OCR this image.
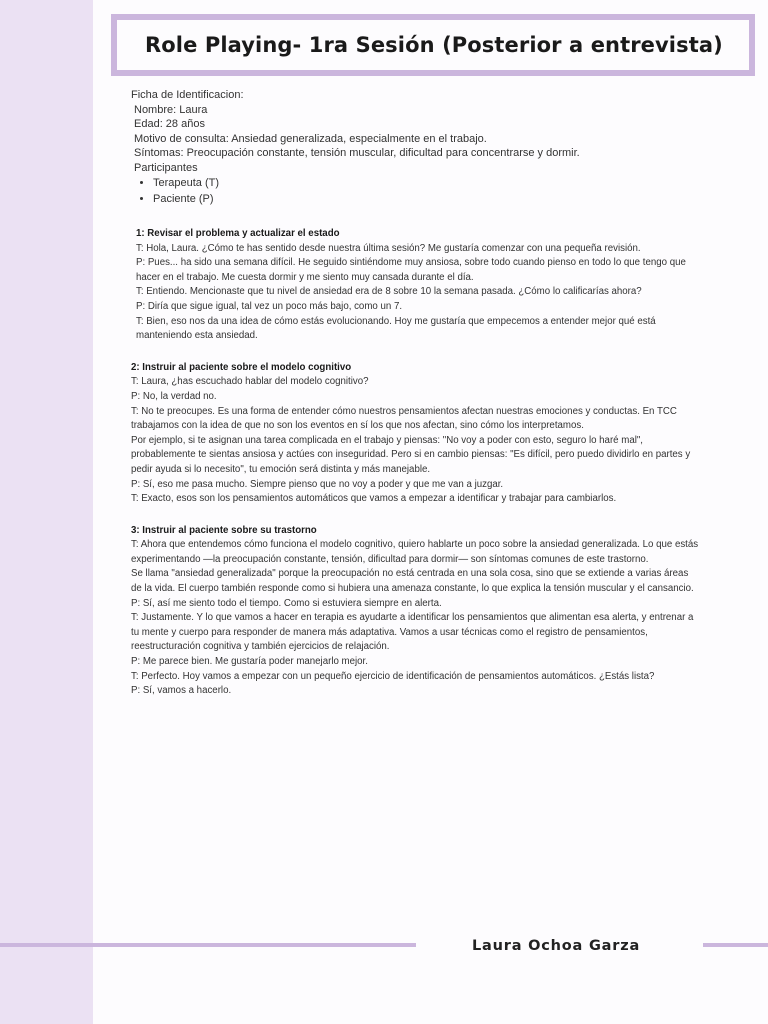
Role Playing- 1ra Sesión (Posterior a entrevista)

Ficha de Identificacion:

Nombre: Laura

Edad: 28 años

Motivo de consulta: Ansiedad generalizada, especialmente en el trabajo.

Síntomas: Preocupación constante, tensión muscular, dificultad para concentrarse y dormir.

Participantes

• Terapeuta (T)
• Paciente (P)

1: Revisar el problema y actualizar el estado

T: Hola, Laura. ¿Cómo te has sentido desde nuestra última sesión? Me gustaría comenzar con una pequeña revisión.

P: Pues... ha sido una semana difícil. He seguido sintiéndome muy ansiosa, sobre todo cuando pienso en todo lo que tengo que hacer en el trabajo. Me cuesta dormir y me siento muy cansada durante el día.

T: Entiendo. Mencionaste que tu nivel de ansiedad era de 8 sobre 10 la semana pasada. ¿Cómo lo calificarías ahora?

P: Diría que sigue igual, tal vez un poco más bajo, como un 7.

T: Bien, eso nos da una idea de cómo estás evolucionando. Hoy me gustaría que empecemos a entender mejor qué está manteniendo esta ansiedad.

2: Instruir al paciente sobre el modelo cognitivo

T: Laura, ¿has escuchado hablar del modelo cognitivo?

P: No, la verdad no.

T: No te preocupes. Es una forma de entender cómo nuestros pensamientos afectan nuestras emociones y conductas. En TCC trabajamos con la idea de que no son los eventos en sí los que nos afectan, sino cómo los interpretamos.

Por ejemplo, si te asignan una tarea complicada en el trabajo y piensas: "No voy a poder con esto, seguro lo haré mal", probablemente te sientas ansiosa y actúes con inseguridad. Pero si en cambio piensas: "Es difícil, pero puedo dividirlo en partes y pedir ayuda si lo necesito", tu emoción será distinta y más manejable.

P: Sí, eso me pasa mucho. Siempre pienso que no voy a poder y que me van a juzgar.

T: Exacto, esos son los pensamientos automáticos que vamos a empezar a identificar y trabajar para cambiarlos.

3: Instruir al paciente sobre su trastorno

T: Ahora que entendemos cómo funciona el modelo cognitivo, quiero hablarte un poco sobre la ansiedad generalizada. Lo que estás experimentando —la preocupación constante, tensión, dificultad para dormir— son síntomas comunes de este trastorno.

Se llama "ansiedad generalizada" porque la preocupación no está centrada en una sola cosa, sino que se extiende a varias áreas de la vida. El cuerpo también responde como si hubiera una amenaza constante, lo que explica la tensión muscular y el cansancio.

P: Sí, así me siento todo el tiempo. Como si estuviera siempre en alerta.

T: Justamente. Y lo que vamos a hacer en terapia es ayudarte a identificar los pensamientos que alimentan esa alerta, y entrenar a tu mente y cuerpo para responder de manera más adaptativa. Vamos a usar técnicas como el registro de pensamientos, reestructuración cognitiva y también ejercicios de relajación.

P: Me parece bien. Me gustaría poder manejarlo mejor.

T: Perfecto. Hoy vamos a empezar con un pequeño ejercicio de identificación de pensamientos automáticos. ¿Estás lista?

P: Sí, vamos a hacerlo.

Laura Ochoa Garza
